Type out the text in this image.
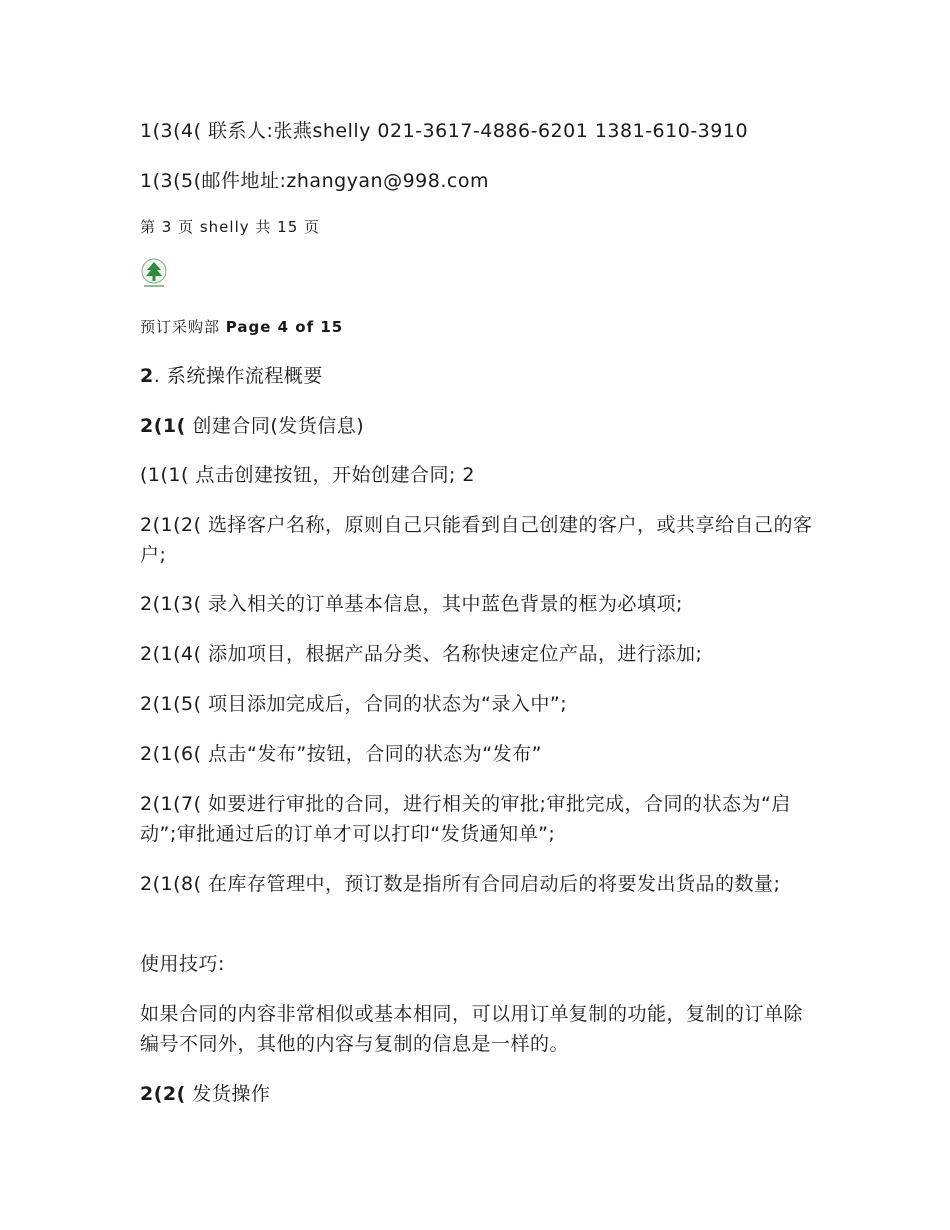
1(3(4( 联系人:张燕shelly 021-3617-4886-6201 1381-610-3910
1(3(5(邮件地址:zhangyan@998.com
第 3 页 shelly 共 15 页
预订采购部 Page 4 of 15
2. 系统操作流程概要
2(1( 创建合同(发货信息)
(1(1( 点击创建按钮，开始创建合同; 2
2(1(2( 选择客户名称，原则自己只能看到自己创建的客户，或共享给自己的客户;
2(1(3( 录入相关的订单基本信息，其中蓝色背景的框为必填项;
2(1(4( 添加项目，根据产品分类、名称快速定位产品，进行添加;
2(1(5( 项目添加完成后，合同的状态为“录入中”;
2(1(6( 点击“发布”按钮，合同的状态为“发布”
2(1(7( 如要进行审批的合同，进行相关的审批;审批完成，合同的状态为“启动”;审批通过后的订单才可以打印“发货通知单”;
2(1(8( 在库存管理中，预订数是指所有合同启动后的将要发出货品的数量;
使用技巧:
如果合同的内容非常相似或基本相同，可以用订单复制的功能，复制的订单除编号不同外，其他的内容与复制的信息是一样的。
2(2( 发货操作
